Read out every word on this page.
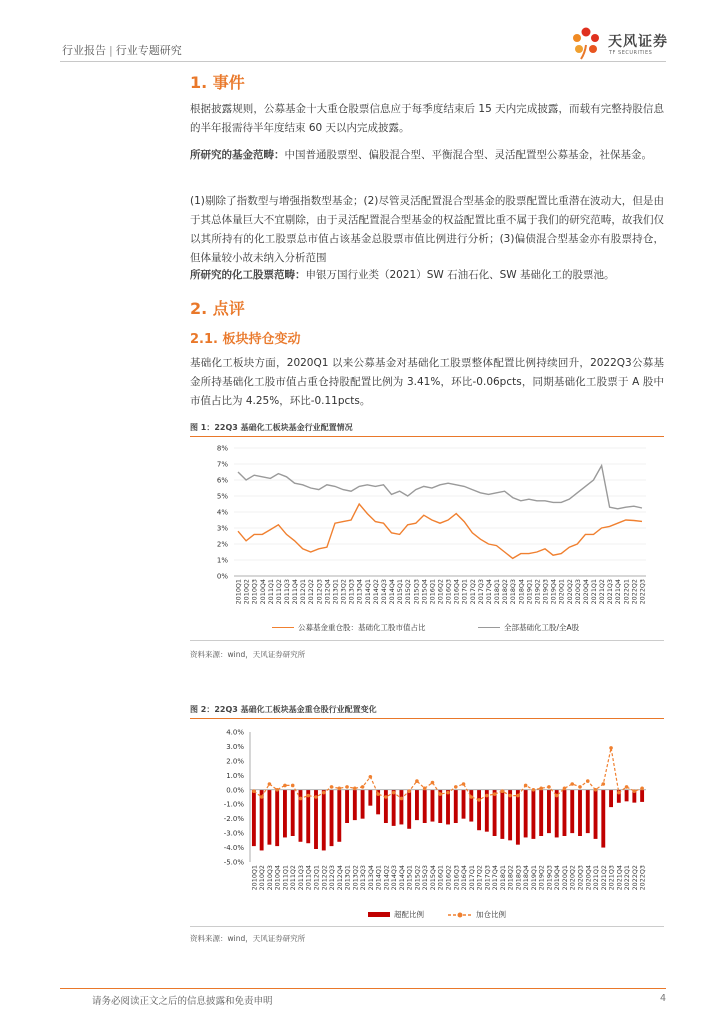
行业报告 | 行业专题研究
天风证券
TF SECURITIES
1. 事件
根据披露规则，公募基金十大重仓股票信息应于每季度结束后 15 天内完成披露，而载有完整持股信息的半年报需待半年度结束 60 天以内完成披露。
所研究的基金范畴：中国普通股票型、偏股混合型、平衡混合型、灵活配置型公募基金，社保基金。
(1)剔除了指数型与增强指数型基金；(2)尽管灵活配置混合型基金的股票配置比重潜在波动大，但是由于其总体量巨大不宜剔除，由于灵活配置混合型基金的权益配置比重不属于我们的研究范畴，故我们仅以其所持有的化工股票总市值占该基金总股票市值比例进行分析；(3)偏债混合型基金亦有股票持仓，但体量较小故未纳入分析范围
所研究的化工股票范畴：申银万国行业类（2021）SW 石油石化、SW 基础化工的股票池。
2. 点评
2.1. 板块持仓变动
基础化工板块方面，2020Q1 以来公募基金对基础化工股票整体配置比例持续回升，2022Q3公募基金所持基础化工股市值占重仓持股配置比例为 3.41%，环比-0.06pcts，同期基础化工股票于 A 股中市值占比为 4.25%，环比-0.11pcts。
图 1：22Q3 基础化工板块基金行业配置情况
0%
1%
2%
3%
4%
5%
6%
7%
8%
2010Q1 2010Q2 2010Q3 2010Q4 2011Q1 2011Q2 2011Q3 2011Q4 2012Q1 2012Q2 2012Q3 2012Q4 2013Q1 2013Q2 2013Q3 2013Q4 2014Q1 2014Q2 2014Q3 2014Q4 2015Q1 2015Q2 2015Q3 2015Q4 2016Q1 2016Q2 2016Q3 2016Q4 2017Q1 2017Q2 2017Q3 2017Q4 2018Q1 2018Q2 2018Q3 2018Q4 2019Q1 2019Q2 2019Q3 2019Q4 2020Q1 2020Q2 2020Q3 2020Q4 2021Q1 2021Q2 2021Q3 2021Q4 2022Q1 2022Q2 2022Q3
公募基金重仓股：基础化工股市值占比	全部基础化工股/全A股
资料来源：wind，天风证券研究所
图 2：22Q3 基础化工板块基金重仓股行业配置变化
-5.0%
-4.0%
-3.0%
-2.0%
-1.0%
0.0%
1.0%
2.0%
3.0%
4.0%
2010Q1 2010Q2 2010Q3 2010Q4 2011Q1 2011Q2 2011Q3 2011Q4 2012Q1 2012Q2 2012Q3 2012Q4 2013Q1 2013Q2 2013Q3 2013Q4 2014Q1 2014Q2 2014Q3 2014Q4 2015Q1 2015Q2 2015Q3 2015Q4 2016Q1 2016Q2 2016Q3 2016Q4 2017Q1 2017Q2 2017Q3 2017Q4 2018Q1 2018Q2 2018Q3 2018Q4 2019Q1 2019Q2 2019Q3 2019Q4 2020Q1 2020Q2 2020Q3 2020Q4 2021Q1 2021Q2 2021Q3 2021Q4 2022Q1 2022Q2 2022Q3
超配比例	加仓比例
资料来源：wind，天风证券研究所
请务必阅读正文之后的信息披露和免责申明	4
